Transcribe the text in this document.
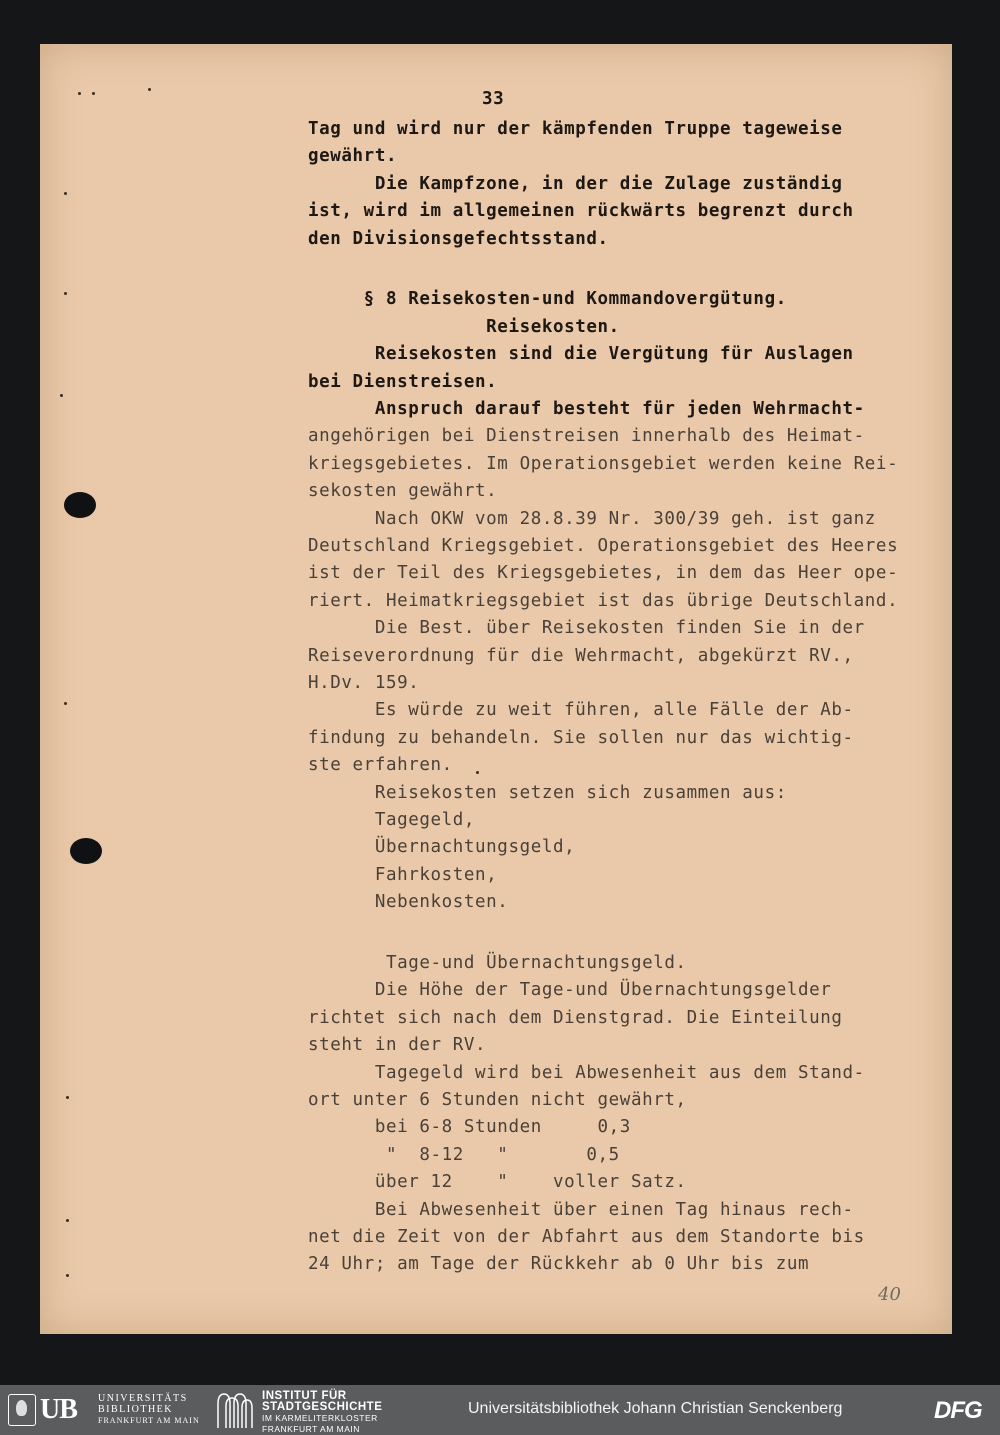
33
Tag und wird nur der kämpfenden Truppe tageweise
gewährt.
Die Kampfzone, in der die Zulage zuständig
ist, wird im allgemeinen rückwärts begrenzt durch
den Divisionsgefechtsstand.
§ 8 Reisekosten-und Kommandovergütung.
Reisekosten.
Reisekosten sind die Vergütung für Auslagen
bei Dienstreisen.
Anspruch darauf besteht für jeden Wehrmacht-
angehörigen bei Dienstreisen innerhalb des Heimat-
kriegsgebietes. Im Operationsgebiet werden keine Rei-
sekosten gewährt.
Nach OKW vom 28.8.39 Nr. 300/39 geh. ist ganz
Deutschland Kriegsgebiet. Operationsgebiet des Heeres
ist der Teil des Kriegsgebietes, in dem das Heer ope-
riert. Heimatkriegsgebiet ist das übrige Deutschland.
Die Best. über Reisekosten finden Sie in der
Reiseverordnung für die Wehrmacht, abgekürzt RV.,
H.Dv. 159.
Es würde zu weit führen, alle Fälle der Ab-
findung zu behandeln. Sie sollen nur das wichtig-
ste erfahren.
Reisekosten setzen sich zusammen aus:
Tagegeld,
Übernachtungsgeld,
Fahrkosten,
Nebenkosten.
Tage-und Übernachtungsgeld.
Die Höhe der Tage-und Übernachtungsgelder
richtet sich nach dem Dienstgrad. Die Einteilung
steht in der RV.
Tagegeld wird bei Abwesenheit aus dem Stand-
ort unter 6 Stunden nicht gewährt,
bei 6-8 Stunden     0,3
"  8-12   "       0,5
über 12    "    voller Satz.
Bei Abwesenheit über einen Tag hinaus rech-
net die Zeit von der Abfahrt aus dem Standorte bis
24 Uhr; am Tage der Rückkehr ab 0 Uhr bis zum
40
UB UNIVERSITÄTS
BIBLIOTHEK
FRANKFURT AM MAIN
INSTITUT FÜR
STADTGESCHICHTE
IM KARMELITERKLOSTER
FRANKFURT AM MAIN
Universitätsbibliothek Johann Christian Senckenberg	DFG
